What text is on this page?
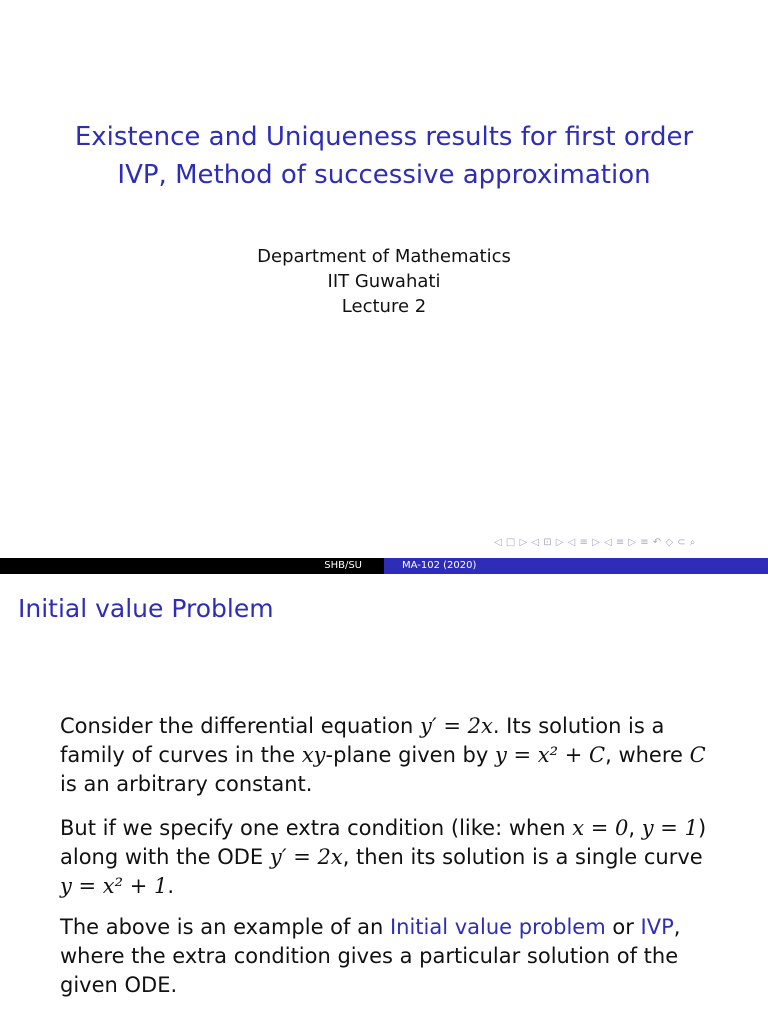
Existence and Uniqueness results for first order
IVP, Method of successive approximation
Department of Mathematics
IIT Guwahati
Lecture 2
◁ □ ▷ ◁ ⊡ ▷ ◁ ≡ ▷ ◁ ≡ ▷ ≡ ↶ ◇ ⊂ ⌕
SHB/SU	MA-102 (2020)
Initial value Problem
Consider the differential equation y′ = 2x. Its solution is a family of curves in the xy-plane given by y = x² + C, where C is an arbitrary constant.
But if we specify one extra condition (like: when x = 0, y = 1) along with the ODE y′ = 2x, then its solution is a single curve y = x² + 1.
The above is an example of an Initial value problem or IVP, where the extra condition gives a particular solution of the given ODE.
